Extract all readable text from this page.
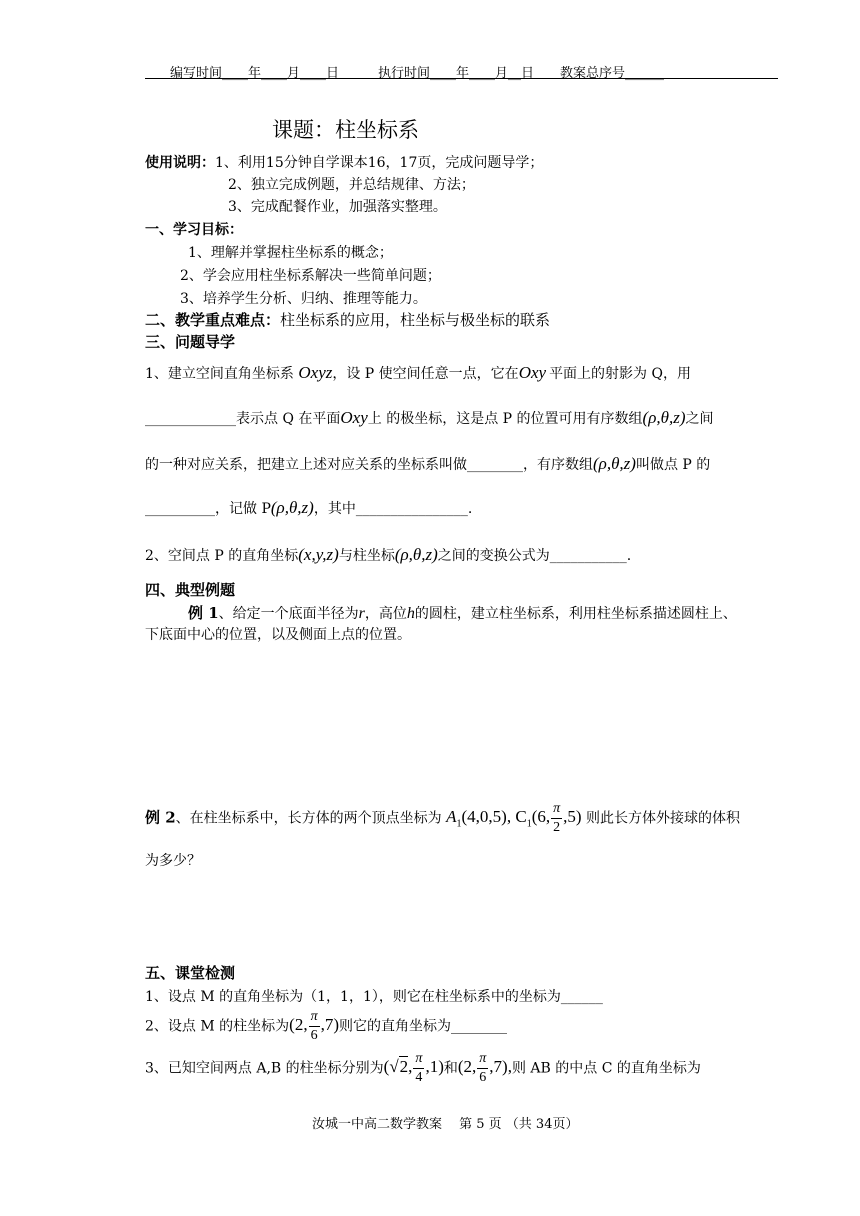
编写时间____年____月____日	执行时间____年____月__日 教案总序号______
课题：柱坐标系
使用说明：1、利用15分钟自学课本16，17页，完成问题导学；
2、独立完成例题，并总结规律、方法；
3、完成配餐作业，加强落实整理。
一、学习目标：
1、理解并掌握柱坐标系的概念；
2、学会应用柱坐标系解决一些简单问题；
3、培养学生分析、归纳、推理等能力。
二、教学重点难点：柱坐标系的应用，柱坐标与极坐标的联系
三、问题导学
1、建立空间直角坐标系 Oxyz，设 P 使空间任意一点，它在Oxy 平面上的射影为 Q，用
_____________表示点 Q 在平面Oxy上 的极坐标，这是点 P 的位置可用有序数组(ρ,θ,z)之间
的一种对应关系，把建立上述对应关系的坐标系叫做________，有序数组(ρ,θ,z)叫做点 P 的
__________，记做 P(ρ,θ,z)，其中________________.
2、空间点 P 的直角坐标(x,y,z)与柱坐标(ρ,θ,z)之间的变换公式为___________.
四、典型例题
例 1、给定一个底面半径为r，高位h的圆柱，建立柱坐标系，利用柱坐标系描述圆柱上、
下底面中心的位置，以及侧面上点的位置。
例 2、在柱坐标系中，长方体的两个顶点坐标为 $A_1(4,0,5)$, $C_1(6$, $\frac{\pi}{2} ,5$) 则此长方体外接球的体积
为多少？
五、课堂检测
1、设点 M 的直角坐标为（1，1，1），则它在柱坐标系中的坐标为______
2、设点 M 的柱坐标为(2, $\frac{\pi}{6} ,7$)则它的直角坐标为________
3、已知空间两点 A,B 的柱坐标分别为(√2, $\frac{\pi}{4} ,1$)和(2, $\frac{\pi}{6} ,7$),则 AB 的中点 C 的直角坐标为
汝城一中高二数学教案　 第 5 页 （共 34页）
